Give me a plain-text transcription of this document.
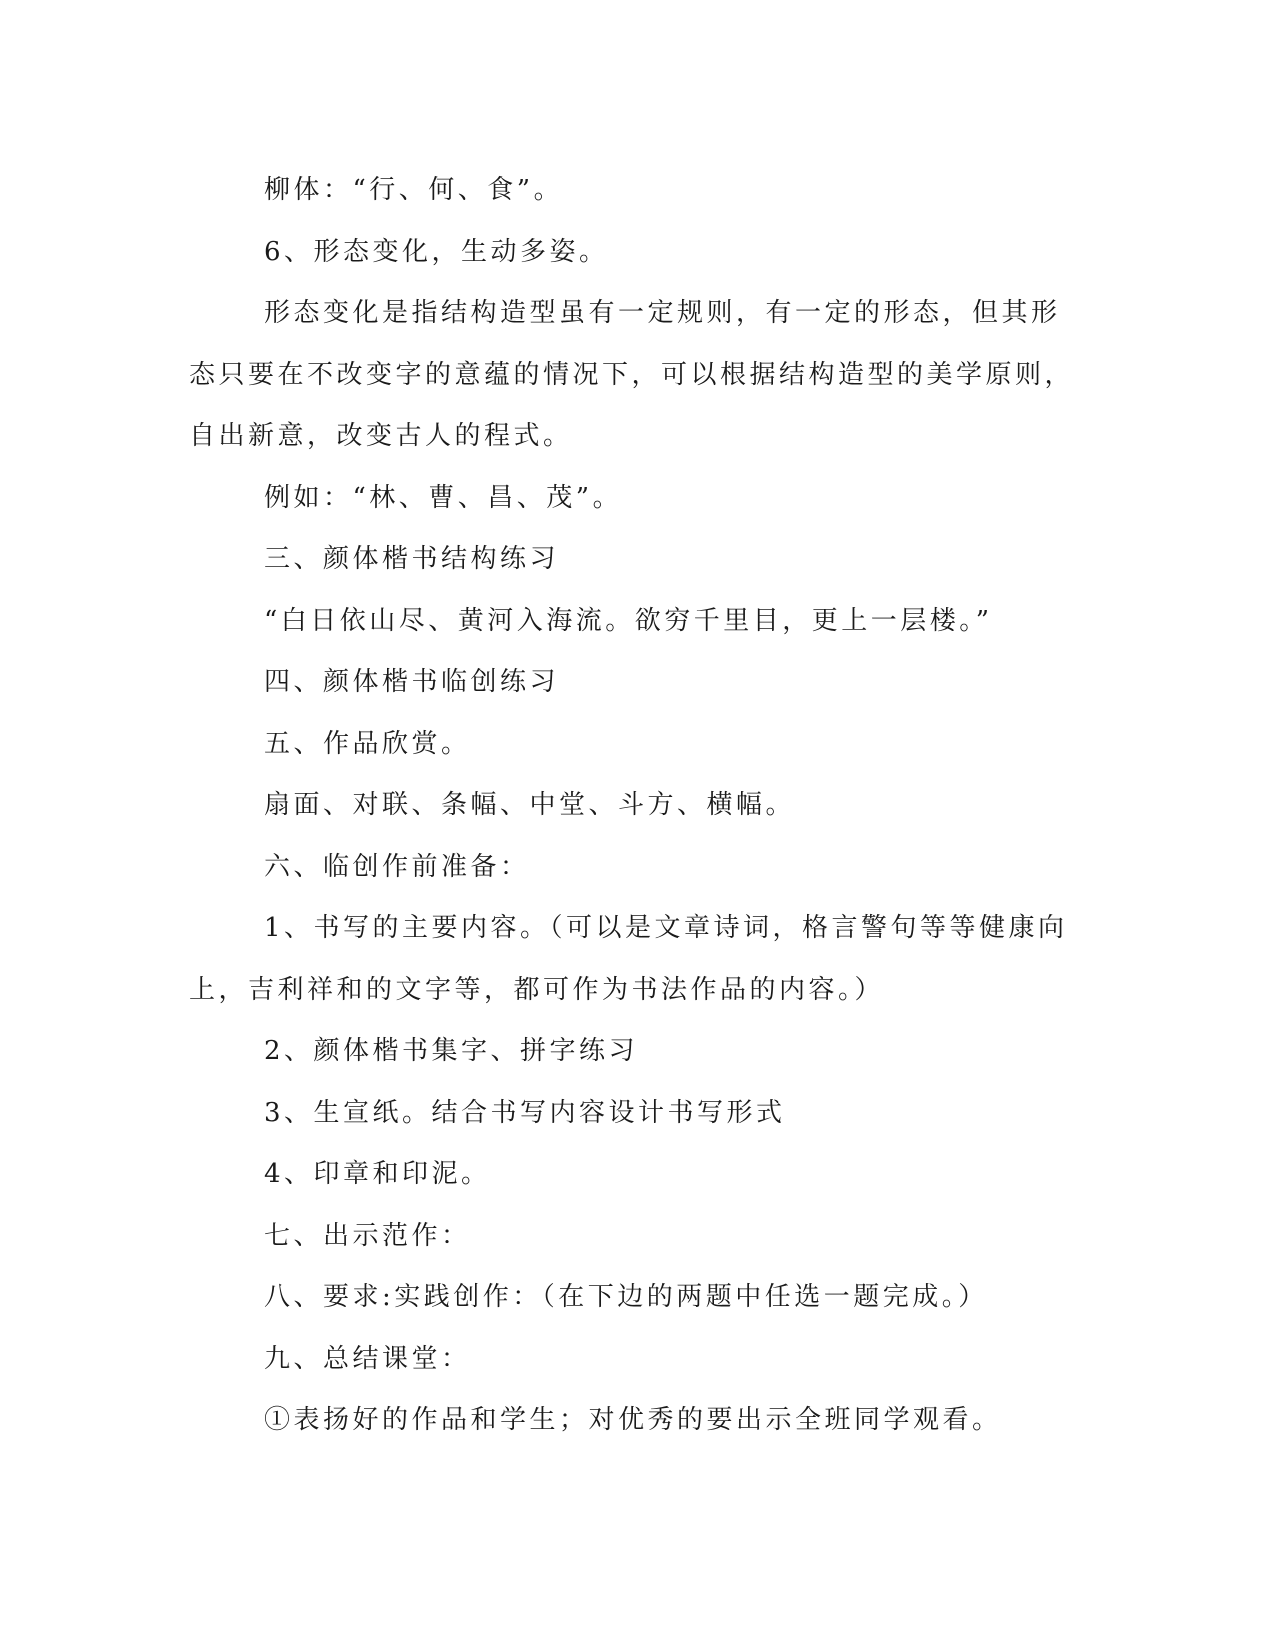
柳体：“行、何、食”。

6、形态变化，生动多姿。

形态变化是指结构造型虽有一定规则，有一定的形态，但其形态只要在不改变字的意蕴的情况下，可以根据结构造型的美学原则，自出新意，改变古人的程式。

例如：“林、曹、昌、茂”。

三、颜体楷书结构练习

“白日依山尽、黄河入海流。欲穷千里目，更上一层楼。”

四、颜体楷书临创练习

五、作品欣赏。

扇面、对联、条幅、中堂、斗方、横幅。

六、临创作前准备：

1、书写的主要内容。（可以是文章诗词，格言警句等等健康向上，吉利祥和的文字等，都可作为书法作品的内容。）

2、颜体楷书集字、拼字练习

3、生宣纸。结合书写内容设计书写形式

4、印章和印泥。

七、出示范作：

八、要求:实践创作：（在下边的两题中任选一题完成。）

九、总结课堂：

①表扬好的作品和学生；对优秀的要出示全班同学观看。
